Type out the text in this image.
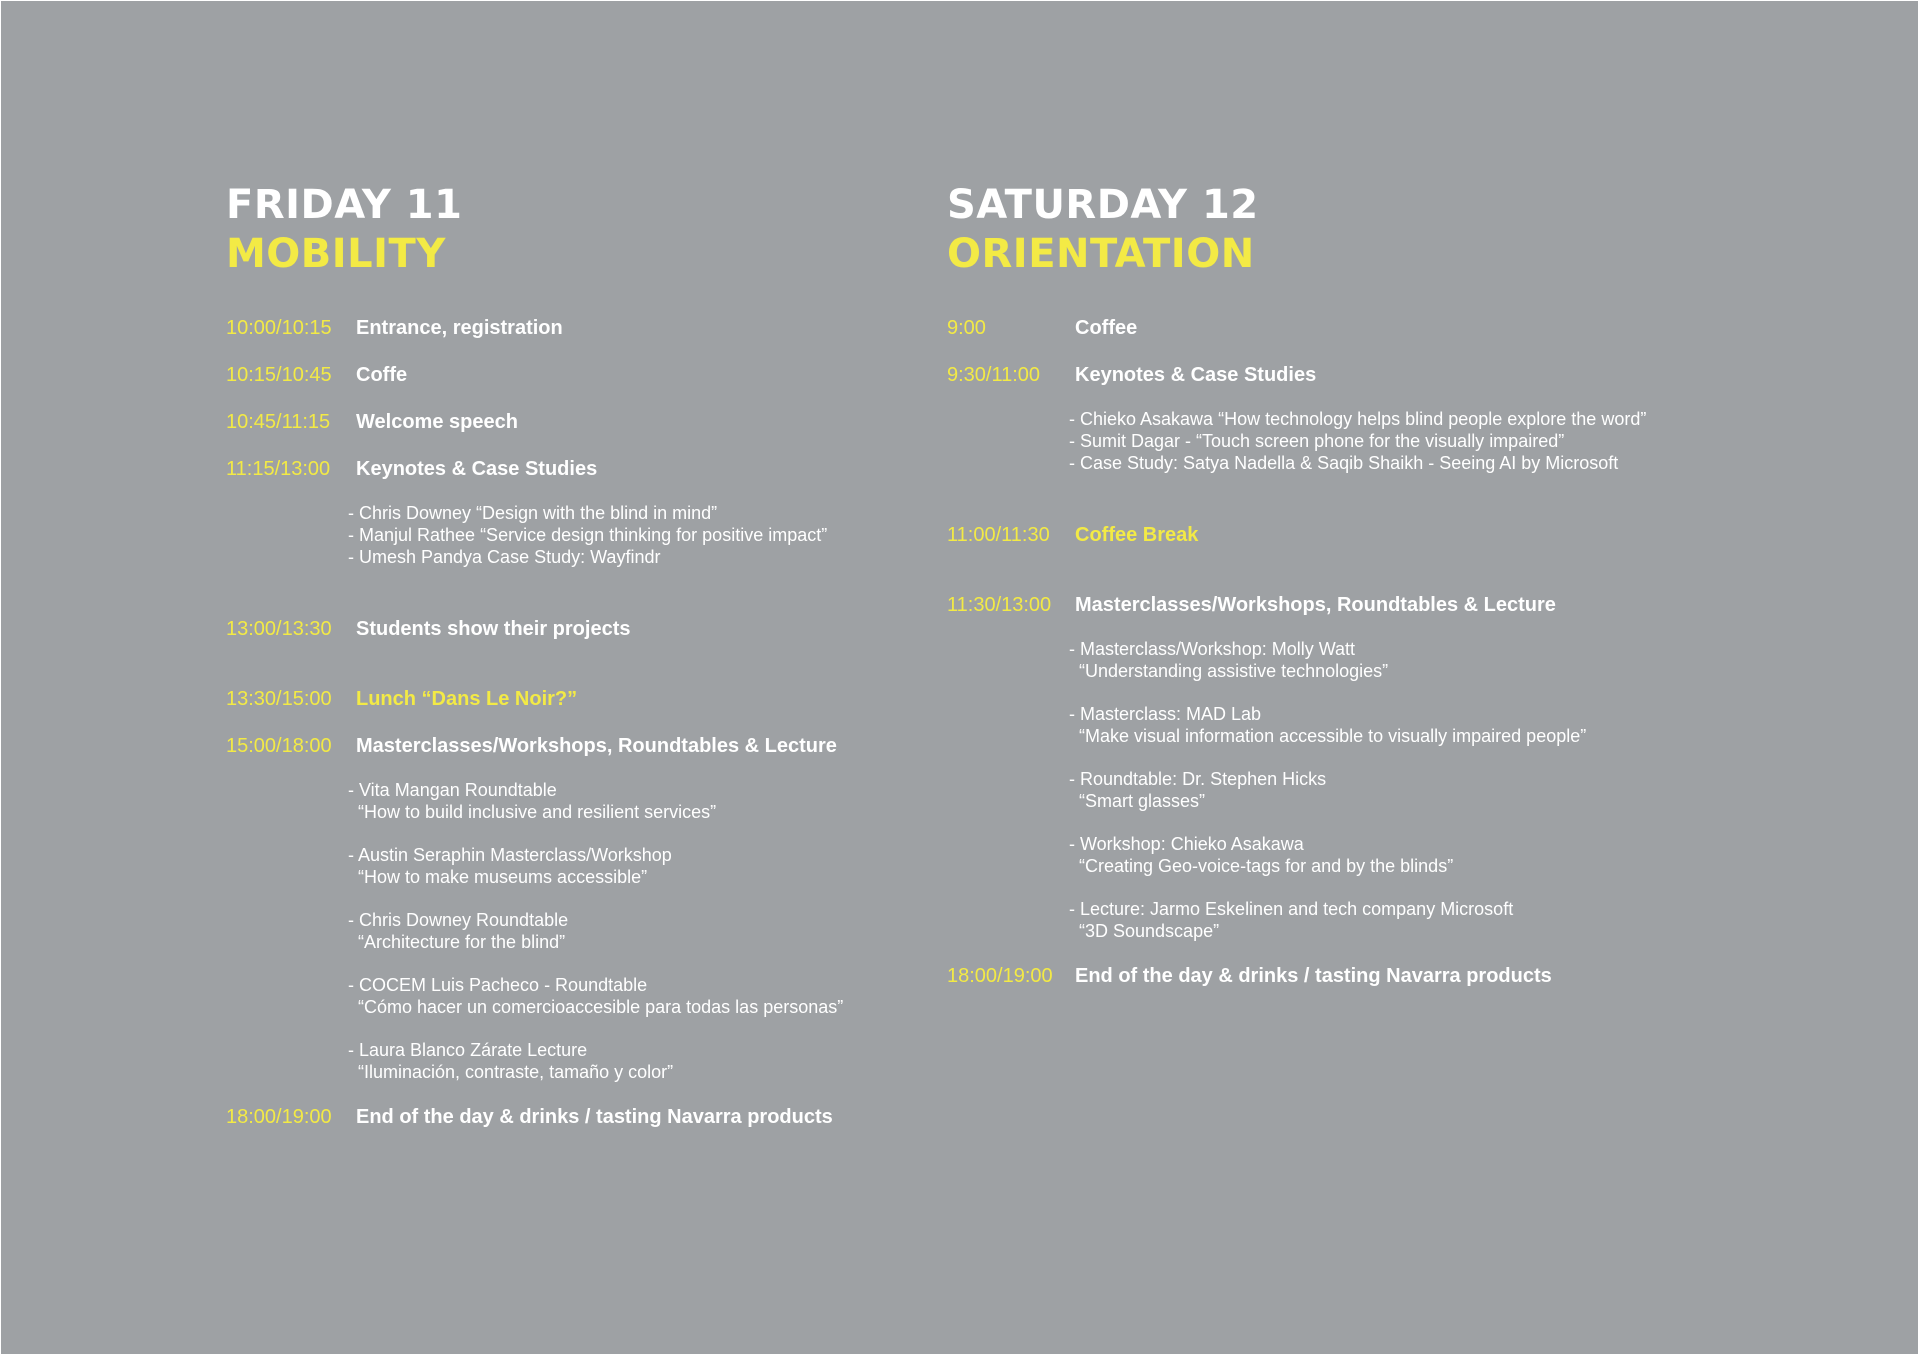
FRIDAY 11
MOBILITY
10:00/10:15	Entrance, registration
10:15/10:45	Coffe
10:45/11:15	Welcome speech
11:15/13:00	Keynotes & Case Studies
- Chris Downey “Design with the blind in mind”
- Manjul Rathee “Service design thinking for positive impact”
- Umesh Pandya Case Study: Wayfindr
13:00/13:30	Students show their projects
13:30/15:00	Lunch “Dans Le Noir?”
15:00/18:00	Masterclasses/Workshops, Roundtables & Lecture
- Vita Mangan Roundtable
“How to build inclusive and resilient services”
- Austin Seraphin Masterclass/Workshop
“How to make museums accessible”
- Chris Downey Roundtable
“Architecture for the blind”
- COCEM Luis Pacheco - Roundtable
“Cómo hacer un comercioaccesible para todas las personas”
- Laura Blanco Zárate Lecture
“Iluminación, contraste, tamaño y color”
18:00/19:00	End of the day & drinks / tasting Navarra products
SATURDAY 12
ORIENTATION
9:00	Coffee
9:30/11:00	Keynotes & Case Studies
- Chieko Asakawa “How technology helps blind people explore the word”
- Sumit Dagar - “Touch screen phone for the visually impaired”
- Case Study: Satya Nadella & Saqib Shaikh - Seeing AI by Microsoft
11:00/11:30	Coffee Break
11:30/13:00	Masterclasses/Workshops, Roundtables & Lecture
- Masterclass/Workshop: Molly Watt
“Understanding assistive technologies”
- Masterclass: MAD Lab
“Make visual information accessible to visually impaired people”
- Roundtable: Dr. Stephen Hicks
“Smart glasses”
- Workshop: Chieko Asakawa
“Creating Geo-voice-tags for and by the blinds”
- Lecture: Jarmo Eskelinen and tech company Microsoft
“3D Soundscape”
18:00/19:00	End of the day & drinks / tasting Navarra products
